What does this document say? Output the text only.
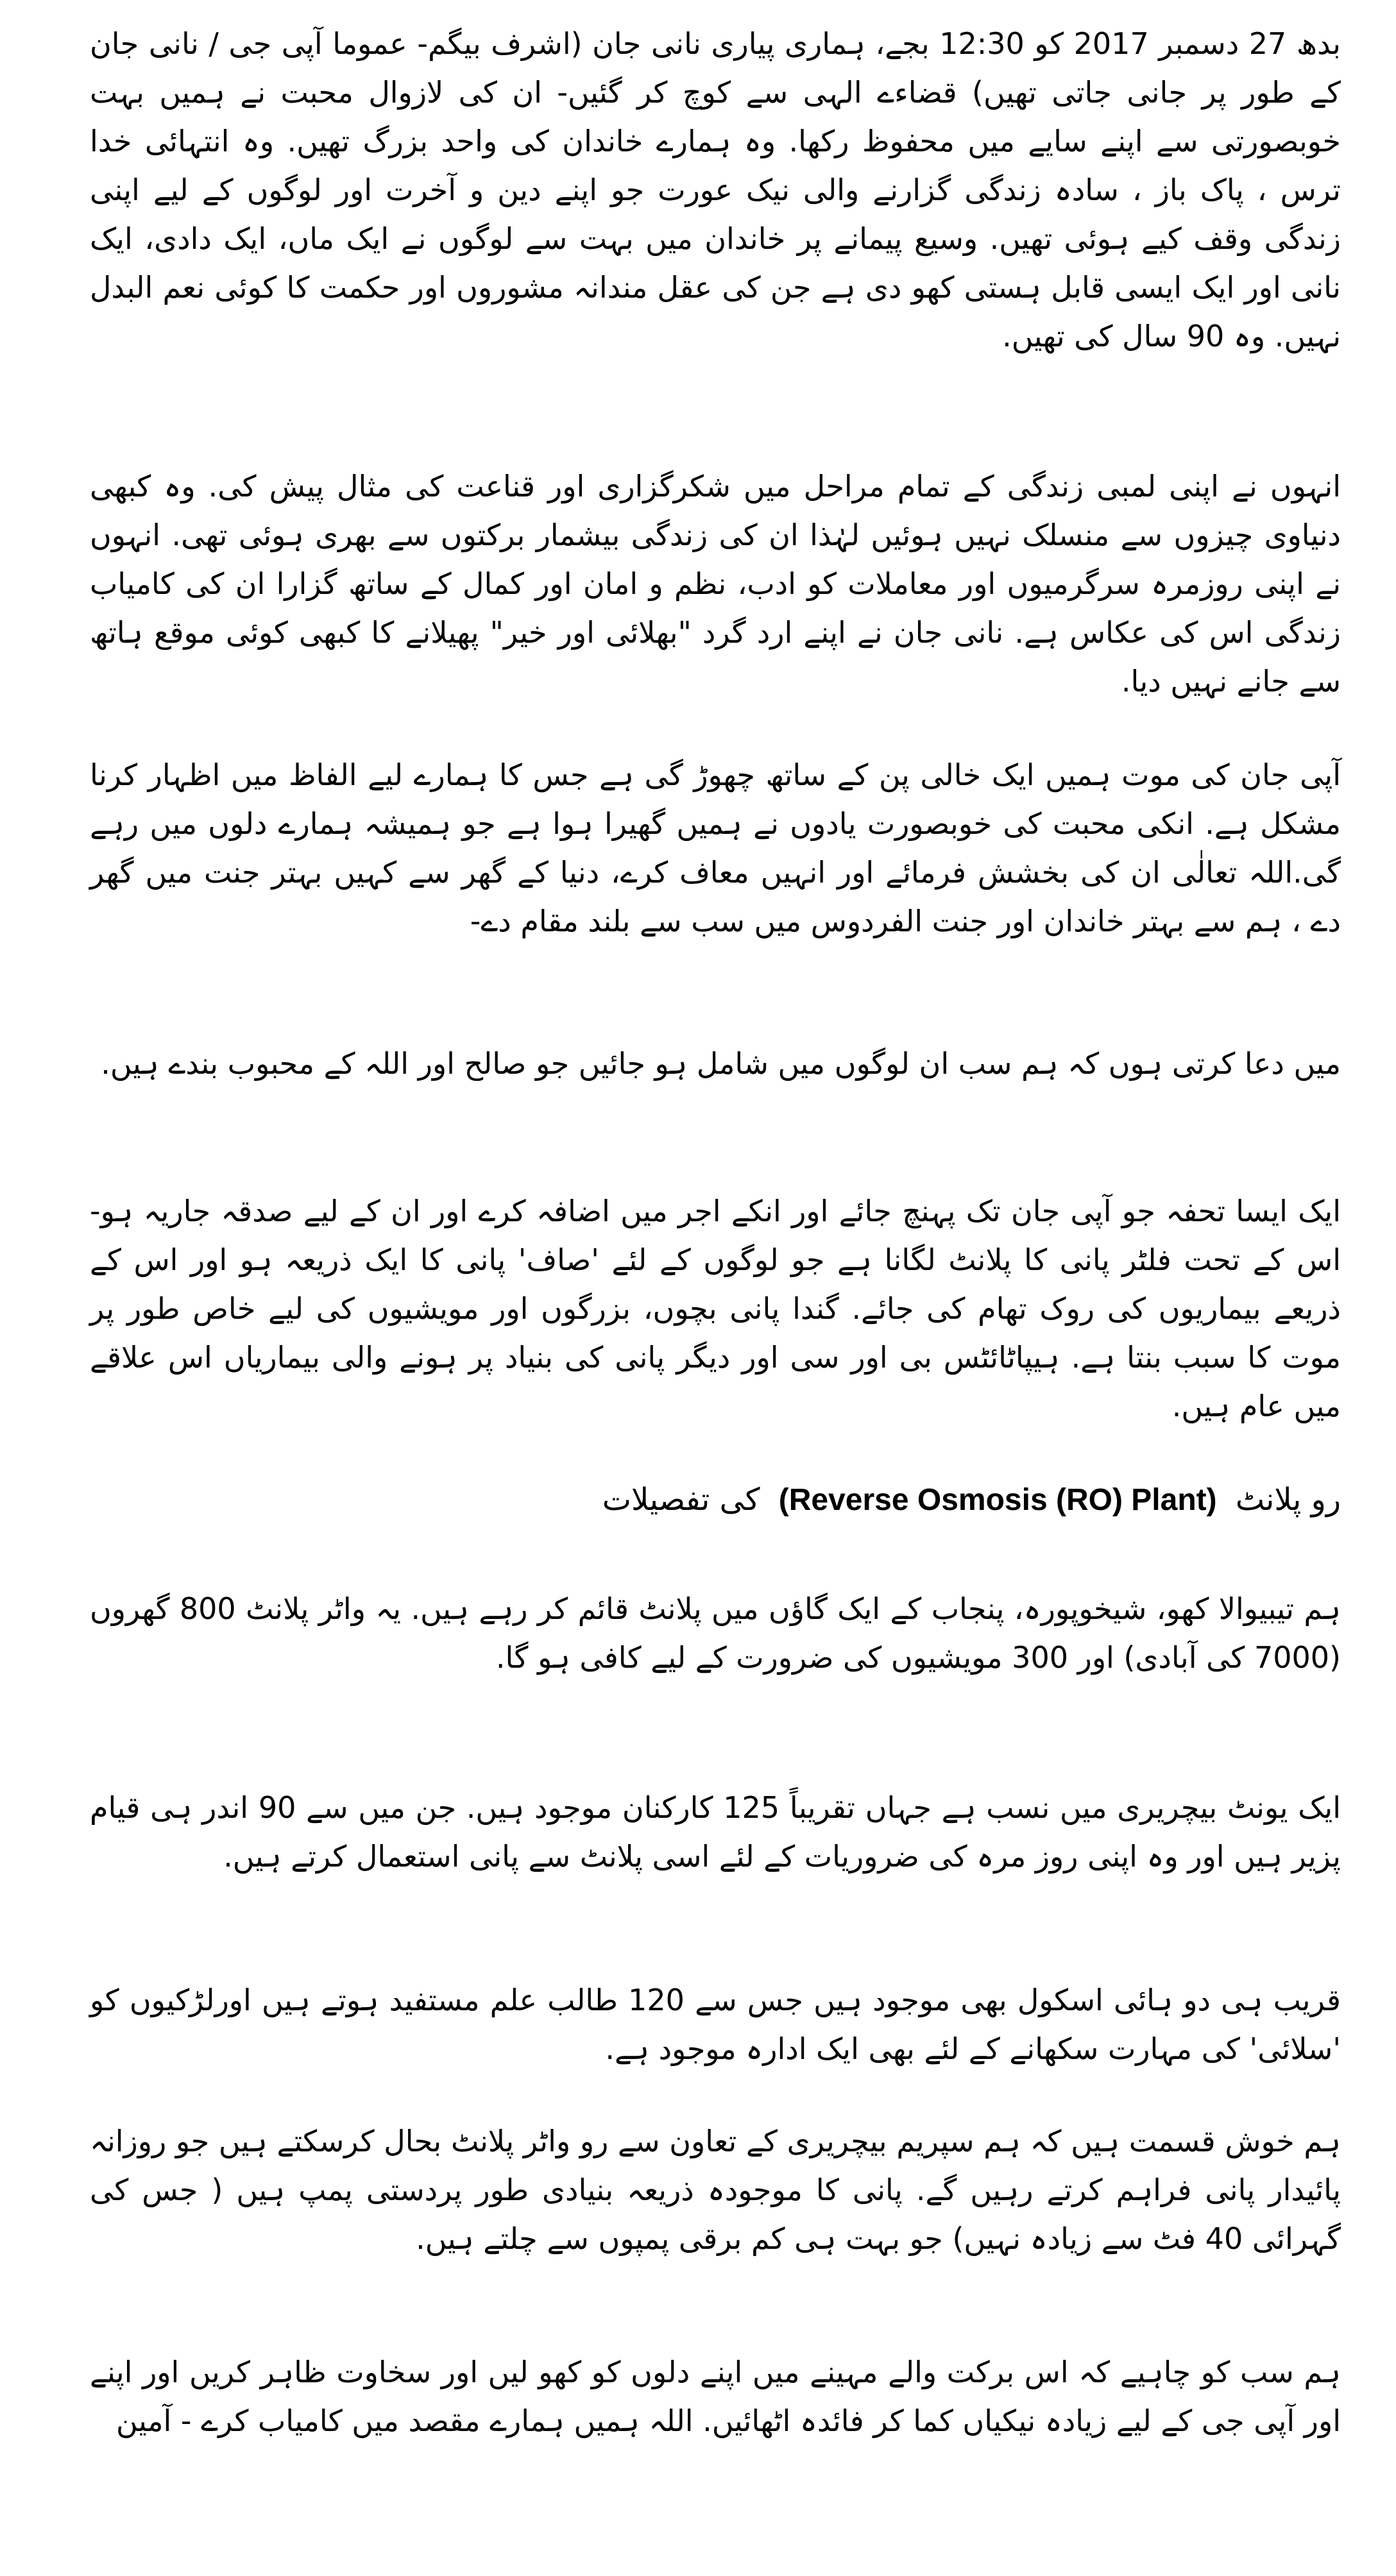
بدھ 27 دسمبر 2017 کو 12:30 بجے، ہماری پیاری نانی جان (اشرف بیگم- عموما آپی جی / نانی جان کے طور پر جانی جاتی تھیں) قضاءے الہی سے کوچ کر گئیں- ان کی لازوال محبت نے ہمیں بہت خوبصورتی سے اپنے سایے میں محفوظ رکھا. وہ ہمارے خاندان کی واحد بزرگ تھیں. وہ انتہائی خدا ترس ، پاک باز ، سادہ زندگی گزارنے والی نیک عورت جو اپنے دین و آخرت اور لوگوں کے لیے اپنی زندگی وقف کیے ہوئی تھیں. وسیع پیمانے پر خاندان میں بہت سے لوگوں نے ایک ماں، ایک دادی، ایک نانی اور ایک ایسی قابل ہستی کھو دی ہے جن کی عقل مندانہ مشوروں اور حکمت کا کوئی نعم البدل نہیں. وہ 90 سال کی تھیں.

انہوں نے اپنی لمبی زندگی کے تمام مراحل میں شکرگزاری اور قناعت کی مثال پیش کی. وہ کبھی دنیاوی چیزوں سے منسلک نہیں ہوئیں لہٰذا ان کی زندگی بیشمار برکتوں سے بھری ہوئی تھی. انہوں نے اپنی روزمرہ سرگرمیوں اور معاملات کو ادب، نظم و امان اور کمال کے ساتھ گزارا ان کی کامیاب زندگی اس کی عکاس ہے. نانی جان نے اپنے ارد گرد "بھلائی اور خیر" پھیلانے کا کبھی کوئی موقع ہاتھ سے جانے نہیں دیا.

آپی جان کی موت ہمیں ایک خالی پن کے ساتھ چھوڑ گی ہے جس کا ہمارے لیے الفاظ میں اظہار کرنا مشکل ہے. انکی محبت کی خوبصورت یادوں نے ہمیں گھیرا ہوا ہے جو ہمیشہ ہمارے دلوں میں رہے گی.اللہ تعالٰی ان کی بخشش فرمائے اور انہیں معاف کرے، دنیا کے گھر سے کہیں بہتر جنت میں گھر دے ، ہم سے بہتر خاندان اور جنت الفردوس میں سب سے بلند مقام دے-

میں دعا کرتی ہوں کہ ہم سب ان لوگوں میں شامل ہو جائیں جو صالح اور اللہ کے محبوب بندے ہیں.

ایک ایسا تحفہ جو آپی جان تک پہنچ جائے اور انکے اجر میں اضافہ کرے اور ان کے لیے صدقہ جاریہ ہو- اس کے تحت فلٹر پانی کا پلانٹ لگانا ہے جو لوگوں کے لئے 'صاف' پانی کا ایک ذریعہ ہو اور اس کے ذریعے بیماریوں کی روک تھام کی جائے. گندا پانی بچوں، بزرگوں اور مویشیوں کی لیے خاص طور پر موت کا سبب بنتا ہے. ہیپاٹائٹس بی اور سی اور دیگر پانی کی بنیاد پر ہونے والی بیماریاں اس علاقے میں عام ہیں.

رو پلانٹ (Reverse Osmosis (RO) Plant) کی تفصیلات

ہم تیبیوالا کھو، شیخوپورہ، پنجاب کے ایک گاؤں میں پلانٹ قائم کر رہے ہیں. یہ واٹر پلانٹ 800 گھروں (7000 کی آبادی) اور 300 مویشیوں کی ضرورت کے لیے کافی ہو گا.

ایک یونٹ بیچریری میں نسب ہے جہاں تقریباً 125 کارکنان موجود ہیں. جن میں سے 90 اندر ہی قیام پزیر ہیں اور وہ اپنی روز مرہ کی ضروریات کے لئے اسی پلانٹ سے پانی استعمال کرتے ہیں.

قریب ہی دو ہائی اسکول بھی موجود ہیں جس سے 120 طالب علم مستفید ہوتے ہیں اورلڑکیوں کو 'سلائی' کی مہارت سکھانے کے لئے بھی ایک ادارہ موجود ہے.

ہم خوش قسمت ہیں کہ ہم سپریم بیچریری کے تعاون سے رو واٹر پلانٹ بحال کرسکتے ہیں جو روزانہ پائیدار پانی فراہم کرتے رہیں گے. پانی کا موجودہ ذریعہ بنیادی طور پردستی پمپ ہیں ( جس کی گہرائی 40 فٹ سے زیادہ نہیں) جو بہت ہی کم برقی پمپوں سے چلتے ہیں.

ہم سب کو چاہیے کہ اس برکت والے مہینے میں اپنے دلوں کو کھو لیں اور سخاوت ظاہر کریں اور اپنے اور آپی جی کے لیے زیادہ نیکیاں کما کر فائدہ اٹھائیں. اللہ ہمیں ہمارے مقصد میں کامیاب کرے - آمین
